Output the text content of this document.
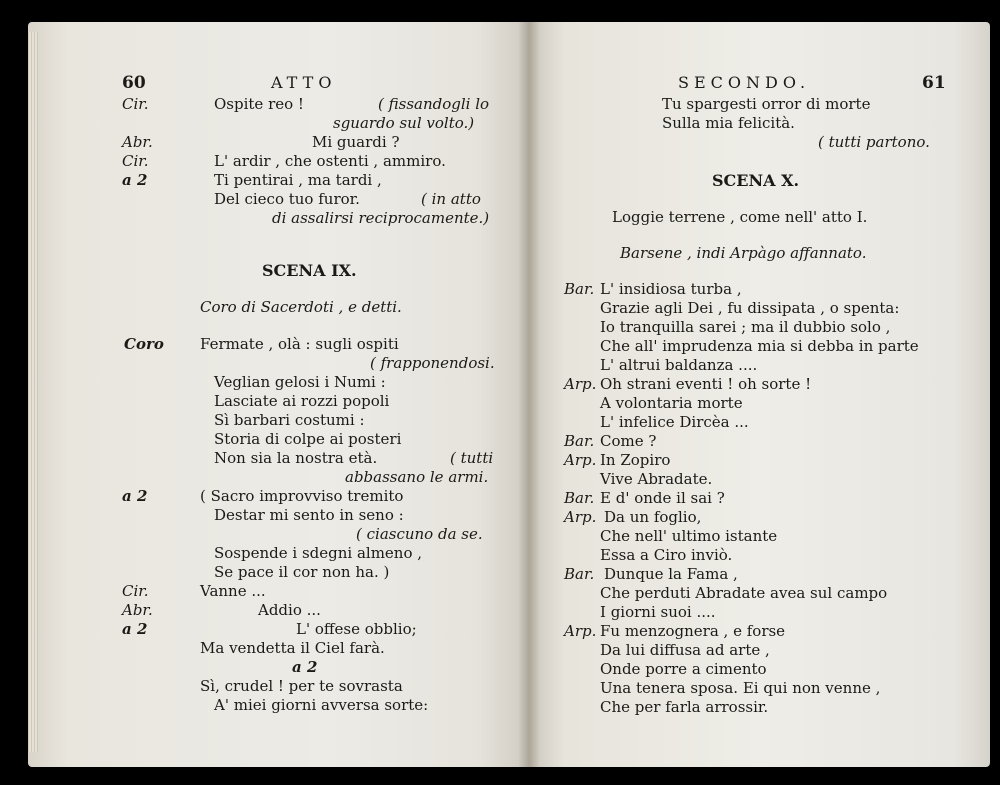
60	ATTO
Cir.	Ospite reo !	( fissandogli lo
sguardo sul volto.)
Abr.	Mi guardi ?
Cir.	L' ardir , che ostenti , ammiro.
a 2	Ti pentirai , ma tardi ,
Del cieco tuo furor.	( in atto
di assalirsi reciprocamente.)
SCENA IX.
Coro di Sacerdoti , e detti.
Coro Fermate , olà : sugli ospiti
( frapponendosi.
Veglian gelosi i Numi :
Lasciate ai rozzi popoli
Sì barbari costumi :
Storia di colpe ai posteri
Non sia la nostra età.	( tutti
abbassano le armi.
a 2	( Sacro improvviso tremito
Destar mi sento in seno :
( ciascuno da se.
Sospende i sdegni almeno ,
Se pace il cor non ha. )
Cir.	Vanne ...
Abr.	Addio ...
a 2	L' offese obblio;
Ma vendetta il Ciel farà.
a 2
Sì, crudel ! per te sovrasta
A' miei giorni avversa sorte:
SECONDO.	61
Tu spargesti orror di morte
Sulla mia felicità.
( tutti partono.
SCENA X.
Loggie terrene , come nell' atto I.
Barsene , indi Arpàgo affannato.
Bar. L' insidiosa turba ,
Grazie agli Dei , fu dissipata , o spenta:
Io tranquilla sarei ; ma il dubbio solo ,
Che all' imprudenza mia si debba in parte
L' altrui baldanza ....
Arp. Oh strani eventi ! oh sorte !
A volontaria morte
L' infelice Dircèa ...
Bar. Come ?
Arp. In Zopiro
Vive Abradate.
Bar. E d' onde il sai ?
Arp. Da un foglio,
Che nell' ultimo istante
Essa a Ciro inviò.
Bar. Dunque la Fama ,
Che perduti Abradate avea sul campo
I giorni suoi ....
Arp. Fu menzognera , e forse
Da lui diffusa ad arte ,
Onde porre a cimento
Una tenera sposa. Ei qui non venne ,
Che per farla arrossir.
